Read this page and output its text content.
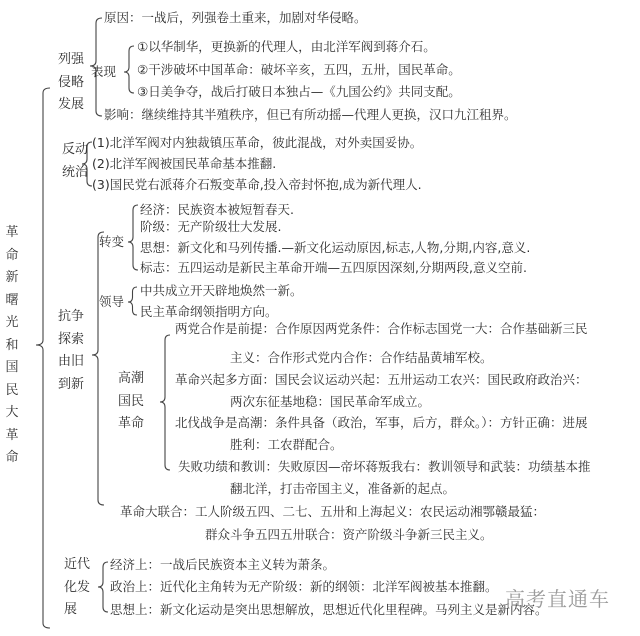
革命新曙光和国民大革命
列强侵略发展
原因：一战后，列强卷土重来，加剧对华侵略。
表现
①以华制华，更换新的代理人，由北洋军阀到蒋介石。
②干涉破坏中国革命：破坏辛亥，五四，五卅，国民革命。
③日美争夺，战后打破日本独占—《九国公约》共同支配。
影响：继续维持其半殖秩序，但已有所动摇—代理人更换，汉口九江租界。
反动统治
(1)北洋军阀对内独裁镇压革命，彼此混战，对外卖国妥协。
(2)北洋军阀被国民革命基本推翻.
(3)国民党右派蒋介石叛变革命,投入帝封怀抱,成为新代理人.
抗争探索由旧到新
转变
经济：民族资本被短暂春天.
阶级：无产阶级壮大发展.
思想：新文化和马列传播.—新文化运动原因,标志,人物,分期,内容,意义.
标志：五四运动是新民主革命开端—五四原因深刻,分期两段,意义空前.
领导
中共成立开天辟地焕然一新。
民主革命纲领指明方向。
高潮国民革命
两党合作是前提：合作原因两党条件：合作标志国党一大：合作基础新三民
主义：合作形式党内合作：合作结晶黄埔军校。
革命兴起多方面：国民会议运动兴起：五卅运动工农兴：国民政府政治兴：
两次东征基地稳：国民革命军成立。
北伐战争是高潮：条件具备（政治，军事，后方，群众。）：方针正确：进展
胜利：工农群配合。
失败功绩和教训：失败原因—帝坏蒋叛我右：教训领导和武装：功绩基本推
翻北洋，打击帝国主义，准备新的起点。
革命大联合：工人阶级五四、二七、五卅和上海起义：农民运动湘鄂赣最猛：
群众斗争五四五卅联合：资产阶级斗争新三民主义。
近代化发展
经济上：一战后民族资本主义转为萧条。
政治上：近代化主角转为无产阶级：新的纲领：北洋军阀被基本推翻。
思想上：新文化运动是突出思想解放，思想近代化里程碑。马列主义是新内容。
高考直通车
